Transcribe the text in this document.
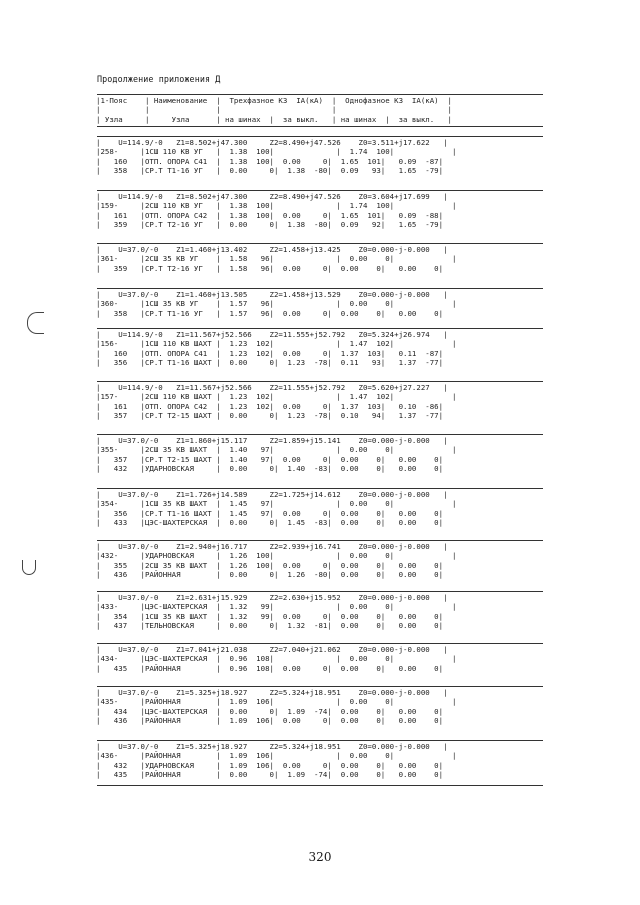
Продолжение приложения Д
|1-Пояс    | Наименование  |  Трехфазное КЗ  IA(кА)  |  Однофазное КЗ  IA(кА)  |
|          |               |                         |                         |
| Узла     |     Узла      | на шинах  |  за выкл.   | на шинах  |  за выкл.   |
|    U=114.9/-0   Z1=8.502+j47.300     Z2=8.490+j47.526    Z0=3.511+j17.622   |
|258-     |1СШ 110 КВ УГ   |  1.38  100|              |  1.74  100|             |
|   160   |ОТП. ОПОРА С41  |  1.38  100|  0.00     0|  1.65  101|   0.09  -87|
|   358   |СР.Т Т1-16 УГ   |  0.00     0|  1.38  -80|  0.09   93|   1.65  -79|
|    U=114.9/-0   Z1=8.502+j47.300     Z2=8.490+j47.526    Z0=3.604+j17.699   |
|159-     |2СШ 110 КВ УГ   |  1.38  100|              |  1.74  100|             |
|   161   |ОТП. ОПОРА С42  |  1.38  100|  0.00     0|  1.65  101|   0.09  -88|
|   359   |СР.Т Т2-16 УГ   |  0.00     0|  1.38  -80|  0.09   92|   1.65  -79|
|    U=37.0/-0    Z1=1.460+j13.402     Z2=1.458+j13.425    Z0=0.000-j-0.000   |
|361-     |2СШ 35 КВ УГ    |  1.58   96|              |  0.00    0|             |
|   359   |СР.Т Т2-16 УГ   |  1.58   96|  0.00     0|  0.00    0|   0.00    0|
|    U=37.0/-0    Z1=1.460+j13.505     Z2=1.458+j13.529    Z0=0.000-j-0.000   |
|360-     |1СШ 35 КВ УГ    |  1.57   96|              |  0.00    0|             |
|   358   |СР.Т Т1-16 УГ   |  1.57   96|  0.00     0|  0.00    0|   0.00    0|
|    U=114.9/-0   Z1=11.567+j52.566    Z2=11.555+j52.792   Z0=5.324+j26.974   |
|156-     |1СШ 110 КВ ШАХТ |  1.23  102|              |  1.47  102|             |
|   160   |ОТП. ОПОРА С41  |  1.23  102|  0.00     0|  1.37  103|   0.11  -87|
|   356   |СР.Т Т1-16 ШАХТ |  0.00     0|  1.23  -78|  0.11   93|   1.37  -77|
|    U=114.9/-0   Z1=11.567+j52.566    Z2=11.555+j52.792   Z0=5.620+j27.227   |
|157-     |2СШ 110 КВ ШАХТ |  1.23  102|              |  1.47  102|             |
|   161   |ОТП. ОПОРА С42  |  1.23  102|  0.00     0|  1.37  103|   0.10  -86|
|   357   |СР.Т Т2-15 ШАХТ |  0.00     0|  1.23  -78|  0.10   94|   1.37  -77|
|    U=37.0/-0    Z1=1.860+j15.117     Z2=1.859+j15.141    Z0=0.000-j-0.000   |
|355-     |2СШ 35 КВ ШАХТ  |  1.40   97|              |  0.00    0|             |
|   357   |СР.Т Т2-15 ШАХТ |  1.40   97|  0.00     0|  0.00    0|   0.00    0|
|   432   |УДАРНОВСКАЯ     |  0.00     0|  1.40  -83|  0.00    0|   0.00    0|
|    U=37.0/-0    Z1=1.726+j14.589     Z2=1.725+j14.612    Z0=0.000-j-0.000   |
|354-     |1СШ 35 КВ ШАХТ  |  1.45   97|              |  0.00    0|             |
|   356   |СР.Т Т1-16 ШАХТ |  1.45   97|  0.00     0|  0.00    0|   0.00    0|
|   433   |ЦЭС-ШАХТЕРСКАЯ  |  0.00     0|  1.45  -83|  0.00    0|   0.00    0|
|    U=37.0/-0    Z1=2.940+j16.717     Z2=2.939+j16.741    Z0=0.000-j-0.000   |
|432-     |УДАРНОВСКАЯ     |  1.26  100|              |  0.00    0|             |
|   355   |2СШ 35 КВ ШАХТ  |  1.26  100|  0.00     0|  0.00    0|   0.00    0|
|   436   |РАЙОННАЯ        |  0.00     0|  1.26  -80|  0.00    0|   0.00    0|
|    U=37.0/-0    Z1=2.631+j15.929     Z2=2.630+j15.952    Z0=0.000-j-0.000   |
|433-     |ЦЭС-ШАХТЕРСКАЯ  |  1.32   99|              |  0.00    0|             |
|   354   |1СШ 35 КВ ШАХТ  |  1.32   99|  0.00     0|  0.00    0|   0.00    0|
|   437   |ТЕЛЬНОВСКАЯ     |  0.00     0|  1.32  -81|  0.00    0|   0.00    0|
|    U=37.0/-0    Z1=7.041+j21.038     Z2=7.040+j21.062    Z0=0.000-j-0.000   |
|434-     |ЦЭС-ШАХТЕРСКАЯ  |  0.96  108|              |  0.00    0|             |
|   435   |РАЙОННАЯ        |  0.96  108|  0.00     0|  0.00    0|   0.00    0|
|    U=37.0/-0    Z1=5.325+j18.927     Z2=5.324+j18.951    Z0=0.000-j-0.000   |
|435-     |РАЙОННАЯ        |  1.09  106|              |  0.00    0|             |
|   434   |ЦЭС-ШАХТЕРСКАЯ  |  0.00     0|  1.09  -74|  0.00    0|   0.00    0|
|   436   |РАЙОННАЯ        |  1.09  106|  0.00     0|  0.00    0|   0.00    0|
|    U=37.0/-0    Z1=5.325+j18.927     Z2=5.324+j18.951    Z0=0.000-j-0.000   |
|436-     |РАЙОННАЯ        |  1.09  106|              |  0.00    0|             |
|   432   |УДАРНОВСКАЯ     |  1.09  106|  0.00     0|  0.00    0|   0.00    0|
|   435   |РАЙОННАЯ        |  0.00     0|  1.09  -74|  0.00    0|   0.00    0|
320
